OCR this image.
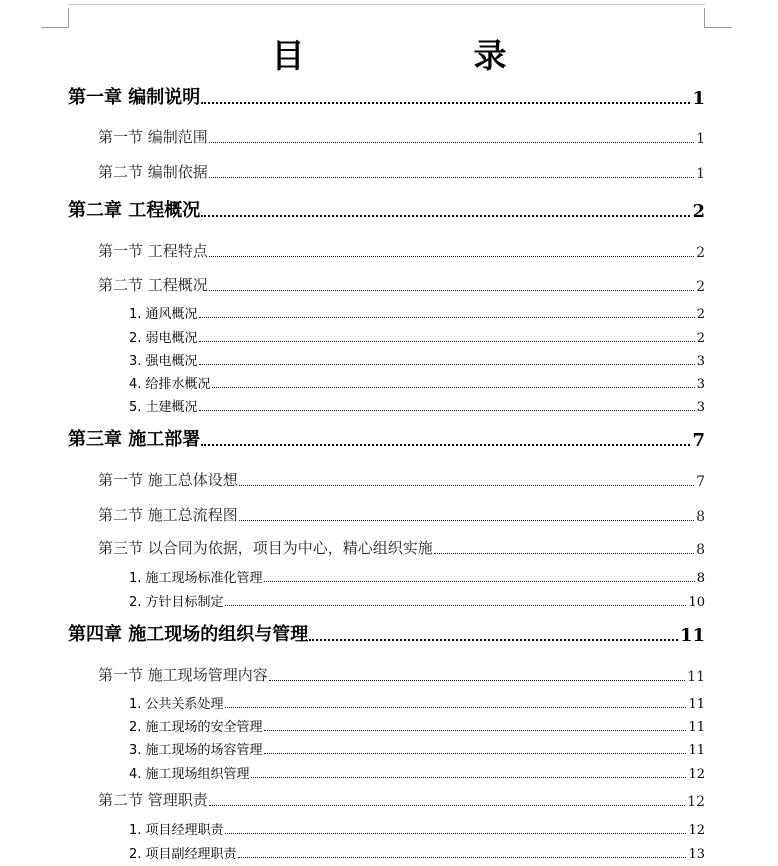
目　录
第一章 编制说明	1
第一节 编制范围	1
第二节 编制依据	1
第二章 工程概况	2
第一节 工程特点	2
第二节 工程概况	2
1. 通风概况	2
2. 弱电概况	2
3. 强电概况	3
4. 给排水概况	3
5. 土建概况	3
第三章 施工部署	7
第一节 施工总体设想	7
第二节 施工总流程图	8
第三节 以合同为依据，项目为中心，精心组织实施	8
1. 施工现场标准化管理	8
2. 方针目标制定	10
第四章 施工现场的组织与管理	11
第一节 施工现场管理内容	11
1. 公共关系处理	11
2. 施工现场的安全管理	11
3. 施工现场的场容管理	11
4. 施工现场组织管理	12
第二节 管理职责	12
1. 项目经理职责	12
2. 项目副经理职责	13
